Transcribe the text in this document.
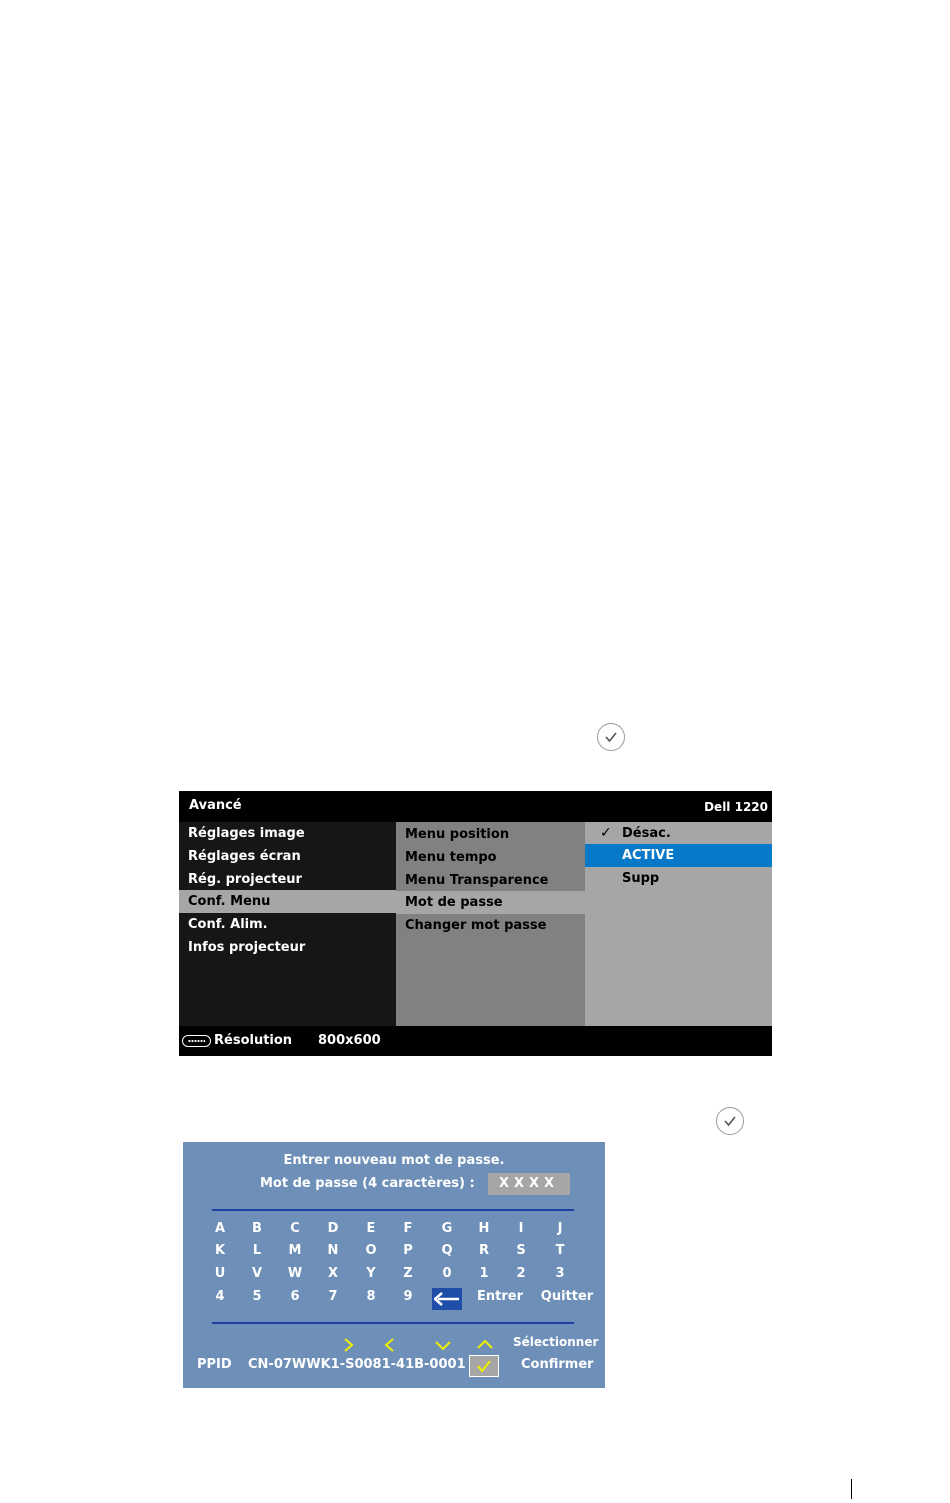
Avancé	Dell 1220
Réglages image
Réglages écran
Rég. projecteur
Conf. Menu
Conf. Alim.
Infos projecteur
Menu position
Menu tempo
Menu Transparence
Mot de passe
Changer mot passe
✓ Désac.
ACTIVE
Supp
Résolution 800x600
Entrer nouveau mot de passe.
Mot de passe (4 caractères) :	XXXX
A	B	C	D	E	F	G	H	I	J
K	L	M	N	O	P	Q	R	S	T
U	V	W	X	Y	Z	0	1	2	3
4	5	6	7	8	9	Entrer	Quitter
Sélectionner
PPID CN-07WWK1-S0081-41B-0001	Confirmer
